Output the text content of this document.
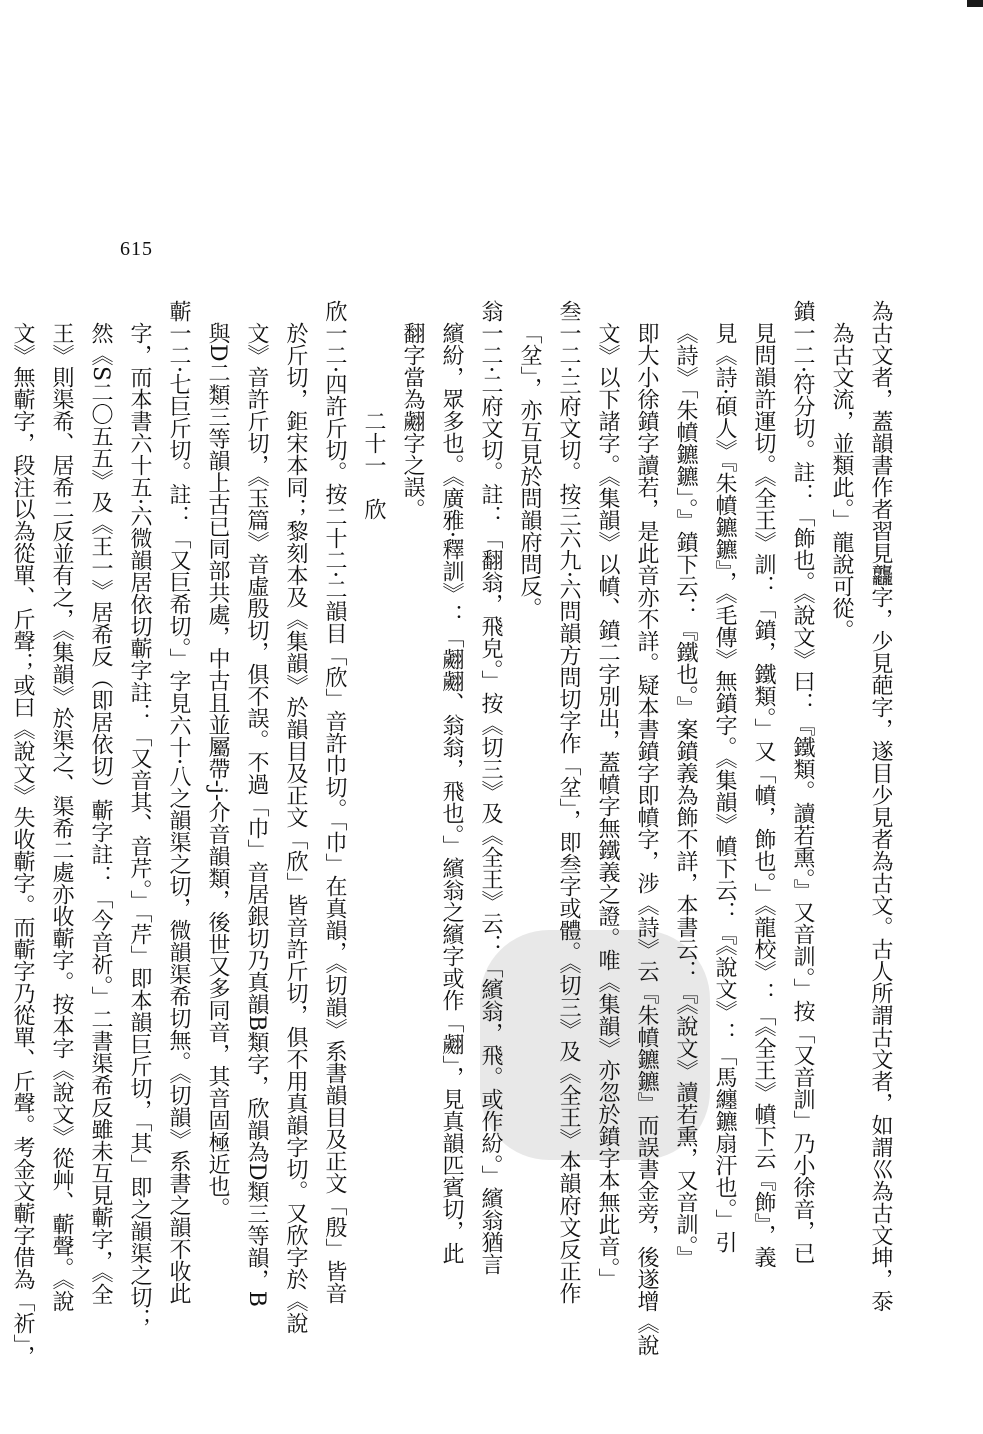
615
為古文者，蓋韻書作者習見龘字，少見葩字，遂目少見者為古文。古人所謂古文者，如謂巛為古文坤，沗
為古文流，並類此。」龍說可從。
鐼一二·符分切。註：「飾也。《說文》曰：『鐵類。讀若熏。』又音訓。」按「又音訓」乃小徐音，已
見問韻許運切。《全王》訓：「鐼，鐵類。」又「幩，飾也。」《龍校》：「《全王》幩下云『飾』，義
見《詩·碩人》『朱幩鑣鑣』，《毛傳》無鐼字。《集韻》幩下云：『《說文》：「馬纏鑣扇汗也。」引
《詩》「朱幩鑣鑣」。』鐼下云：『鐵也。』案鐼義為飾不詳，本書云：『《說文》讀若熏，又音訓。』
即大小徐鐼字讀若，是此音亦不詳。疑本書鐼字即幩字，涉《詩》云『朱幩鑣鑣』而誤書金旁，後遂增《說
文》以下諸字。《集韻》以幩、鐼二字別出，蓋幩字無鐵義之證。唯《集韻》亦忽於鐼字本無此音。」
叁一二·三府文切。按三六九·六問韻方問切字作「坌」，即叁字或體。《切三》及《全王》本韻府文反正作
「坌」，亦互見於問韻府問反。
翁一二·二府文切。註：「翻翁，飛皃。」按《切三》及《全王》云：「繽翁，飛。或作紛。」繽翁猶言
繽紛，眾多也。《廣雅·釋訓》：「翽翽、翁翁，飛也。」繽翁之繽字或作「翽」，見真韻匹賓切，此
翻字當為翽字之誤。
二十一　欣
欣一二·四許斤切。按二十二·二韻目「欣」音許巾切。「巾」在真韻，《切韻》系書韻目及正文「殷」皆音
於斤切，鉅宋本同；黎刻本及《集韻》於韻目及正文「欣」皆音許斤切，俱不用真韻字切。又欣字於《說
文》音許斤切，《玉篇》音虛殷切，俱不誤。不過「巾」音居銀切乃真韻B類字，欣韻為D類三等韻，B
與D二類三等韻上古已同部共處，中古且並屬帶-j-介音韻類，後世又多同音，其音固極近也。
蘄一二·七巨斤切。註：「又巨希切。」字見六十·八之韻渠之切，微韻渠希切無。《切韻》系書之韻不收此
字，而本書六十五·六微韻居依切蘄字註：「又音其、音芹。」「芹」即本韻巨斤切，「其」即之韻渠之切；
然《S二〇五五》及《王一》居希反（即居依切）蘄字註：「今音祈。」二書渠希反雖未互見蘄字，《全
王》則渠希、居希二反並有之，《集韻》於渠之、渠希二處亦收蘄字。按本字《說文》從艸、蘄聲。《說
文》無蘄字，段注以為從單、斤聲；或曰《說文》失收蘄字。而蘄字乃從單、斤聲。考金文蘄字借為「祈」，
